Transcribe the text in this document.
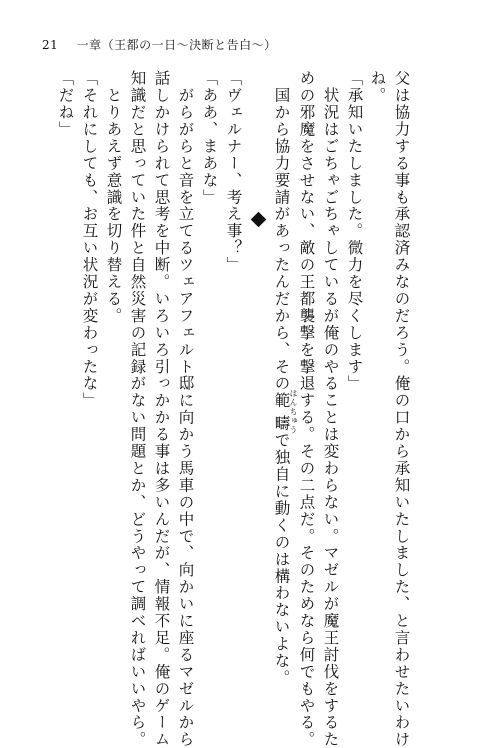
21 一章（王都の一日～決断と告白～）
父は協力する事も承認済みなのだろう。俺の口から承知いたしました、と言わせたいわけ
ね。
「承知いたしました。微力を尽くします」
　状況はごちゃごちゃしているが俺のやることは変わらない。マゼルが魔王討伐をするた
めの邪魔をさせない、敵の王都襲撃を撃退する。その二点だ。そのためなら何でもやる。
　国から協力要請があったんだから、その範疇はんちゅうで独自に動くのは構わないよな。
「ヴェルナー、考え事？」
「ああ、まあな」
　がらがらと音を立てるツェアフェルト邸に向かう馬車の中で、向かいに座るマゼルから
話しかけられて思考を中断。いろいろ引っかかる事は多いんだが、情報不足。俺のゲーム
知識だと思っていた件と自然災害の記録がない問題とか、どうやって調べればいいやら。
　とりあえず意識を切り替える。
「それにしても、お互い状況が変わったな」
「だね」
